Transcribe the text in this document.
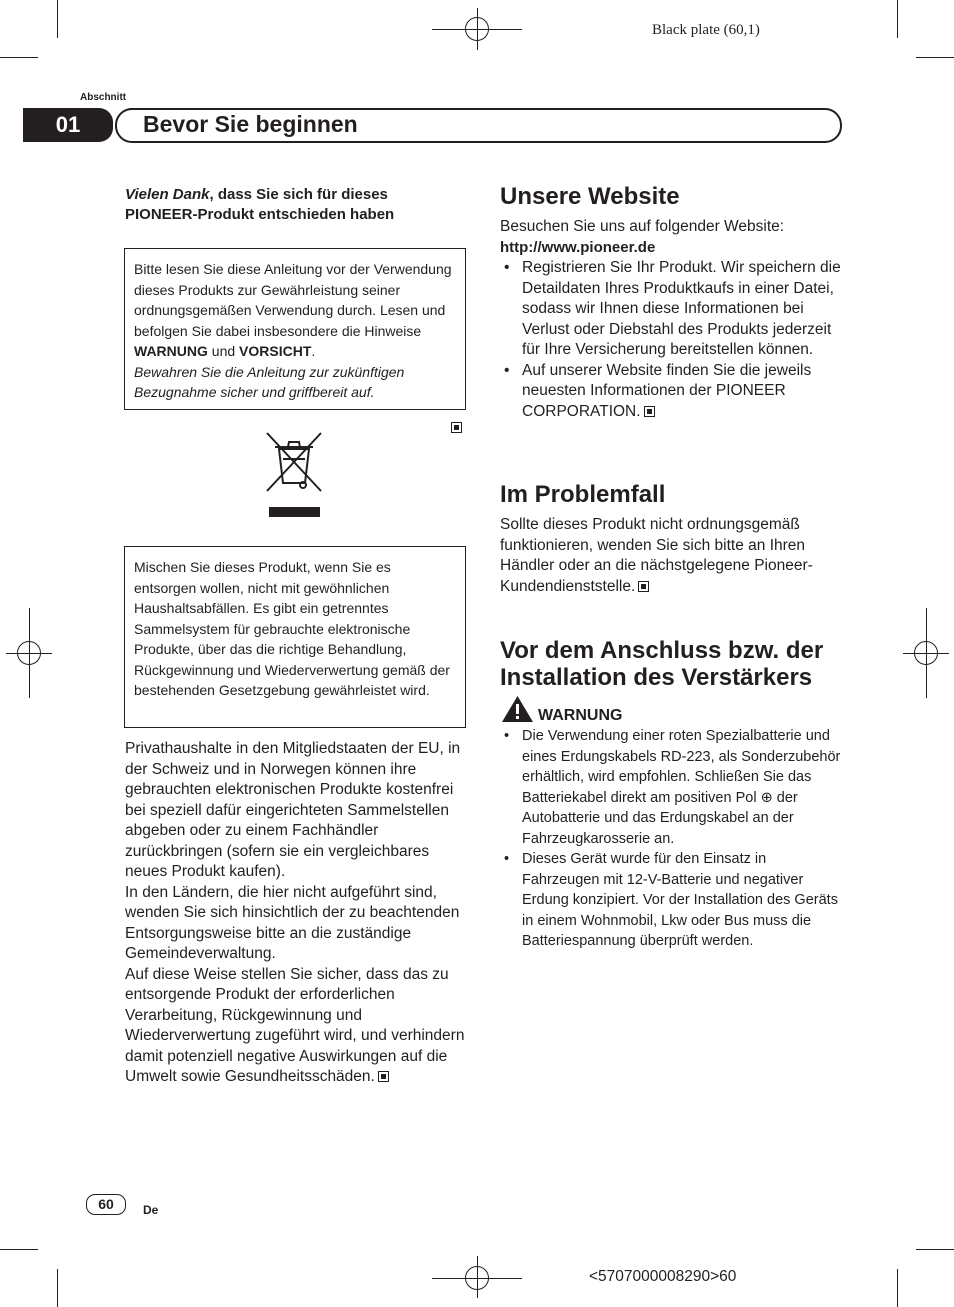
Black plate (60,1)
Abschnitt
01	Bevor Sie beginnen
Vielen Dank, dass Sie sich für dieses PIONEER-Produkt entschieden haben
Bitte lesen Sie diese Anleitung vor der Verwendung dieses Produkts zur Gewährleistung seiner ordnungsgemäßen Verwendung durch. Lesen und befolgen Sie dabei insbesondere die Hinweise WARNUNG und VORSICHT.
Bewahren Sie die Anleitung zur zukünftigen Bezugnahme sicher und griffbereit auf.
Mischen Sie dieses Produkt, wenn Sie es entsorgen wollen, nicht mit gewöhnlichen Haushaltsabfällen. Es gibt ein getrenntes Sammelsystem für gebrauchte elektronische Produkte, über das die richtige Behandlung, Rückgewinnung und Wiederverwertung gemäß der bestehenden Gesetzgebung gewährleistet wird.
Privathaushalte in den Mitgliedstaaten der EU, in der Schweiz und in Norwegen können ihre gebrauchten elektronischen Produkte kostenfrei bei speziell dafür eingerichteten Sammelstellen abgeben oder zu einem Fachhändler zurückbringen (sofern sie ein vergleichbares neues Produkt kaufen).
In den Ländern, die hier nicht aufgeführt sind, wenden Sie sich hinsichtlich der zu beachtenden Entsorgungsweise bitte an die zuständige Gemeindeverwaltung.
Auf diese Weise stellen Sie sicher, dass das zu entsorgende Produkt der erforderlichen Verarbeitung, Rückgewinnung und Wiederverwertung zugeführt wird, und verhindern damit potenziell negative Auswirkungen auf die Umwelt sowie Gesundheitsschäden.
Unsere Website
Besuchen Sie uns auf folgender Website:
http://www.pioneer.de
• Registrieren Sie Ihr Produkt. Wir speichern die Detaildaten Ihres Produktkaufs in einer Datei, sodass wir Ihnen diese Informationen bei Verlust oder Diebstahl des Produkts jederzeit für Ihre Versicherung bereitstellen können.
• Auf unserer Website finden Sie die jeweils neuesten Informationen der PIONEER CORPORATION.
Im Problemfall
Sollte dieses Produkt nicht ordnungsgemäß funktionieren, wenden Sie sich bitte an Ihren Händler oder an die nächstgelegene Pioneer-Kundendienststelle.
Vor dem Anschluss bzw. der
Installation des Verstärkers
WARNUNG
• Die Verwendung einer roten Spezialbatterie und eines Erdungskabels RD-223, als Sonderzubehör erhältlich, wird empfohlen. Schließen Sie das Batteriekabel direkt am positiven Pol ⊕ der Autobatterie und das Erdungskabel an der Fahrzeugkarosserie an.
• Dieses Gerät wurde für den Einsatz in Fahrzeugen mit 12-V-Batterie und negativer Erdung konzipiert. Vor der Installation des Geräts in einem Wohnmobil, Lkw oder Bus muss die Batteriespannung überprüft werden.
60	De
<5707000008290>60
